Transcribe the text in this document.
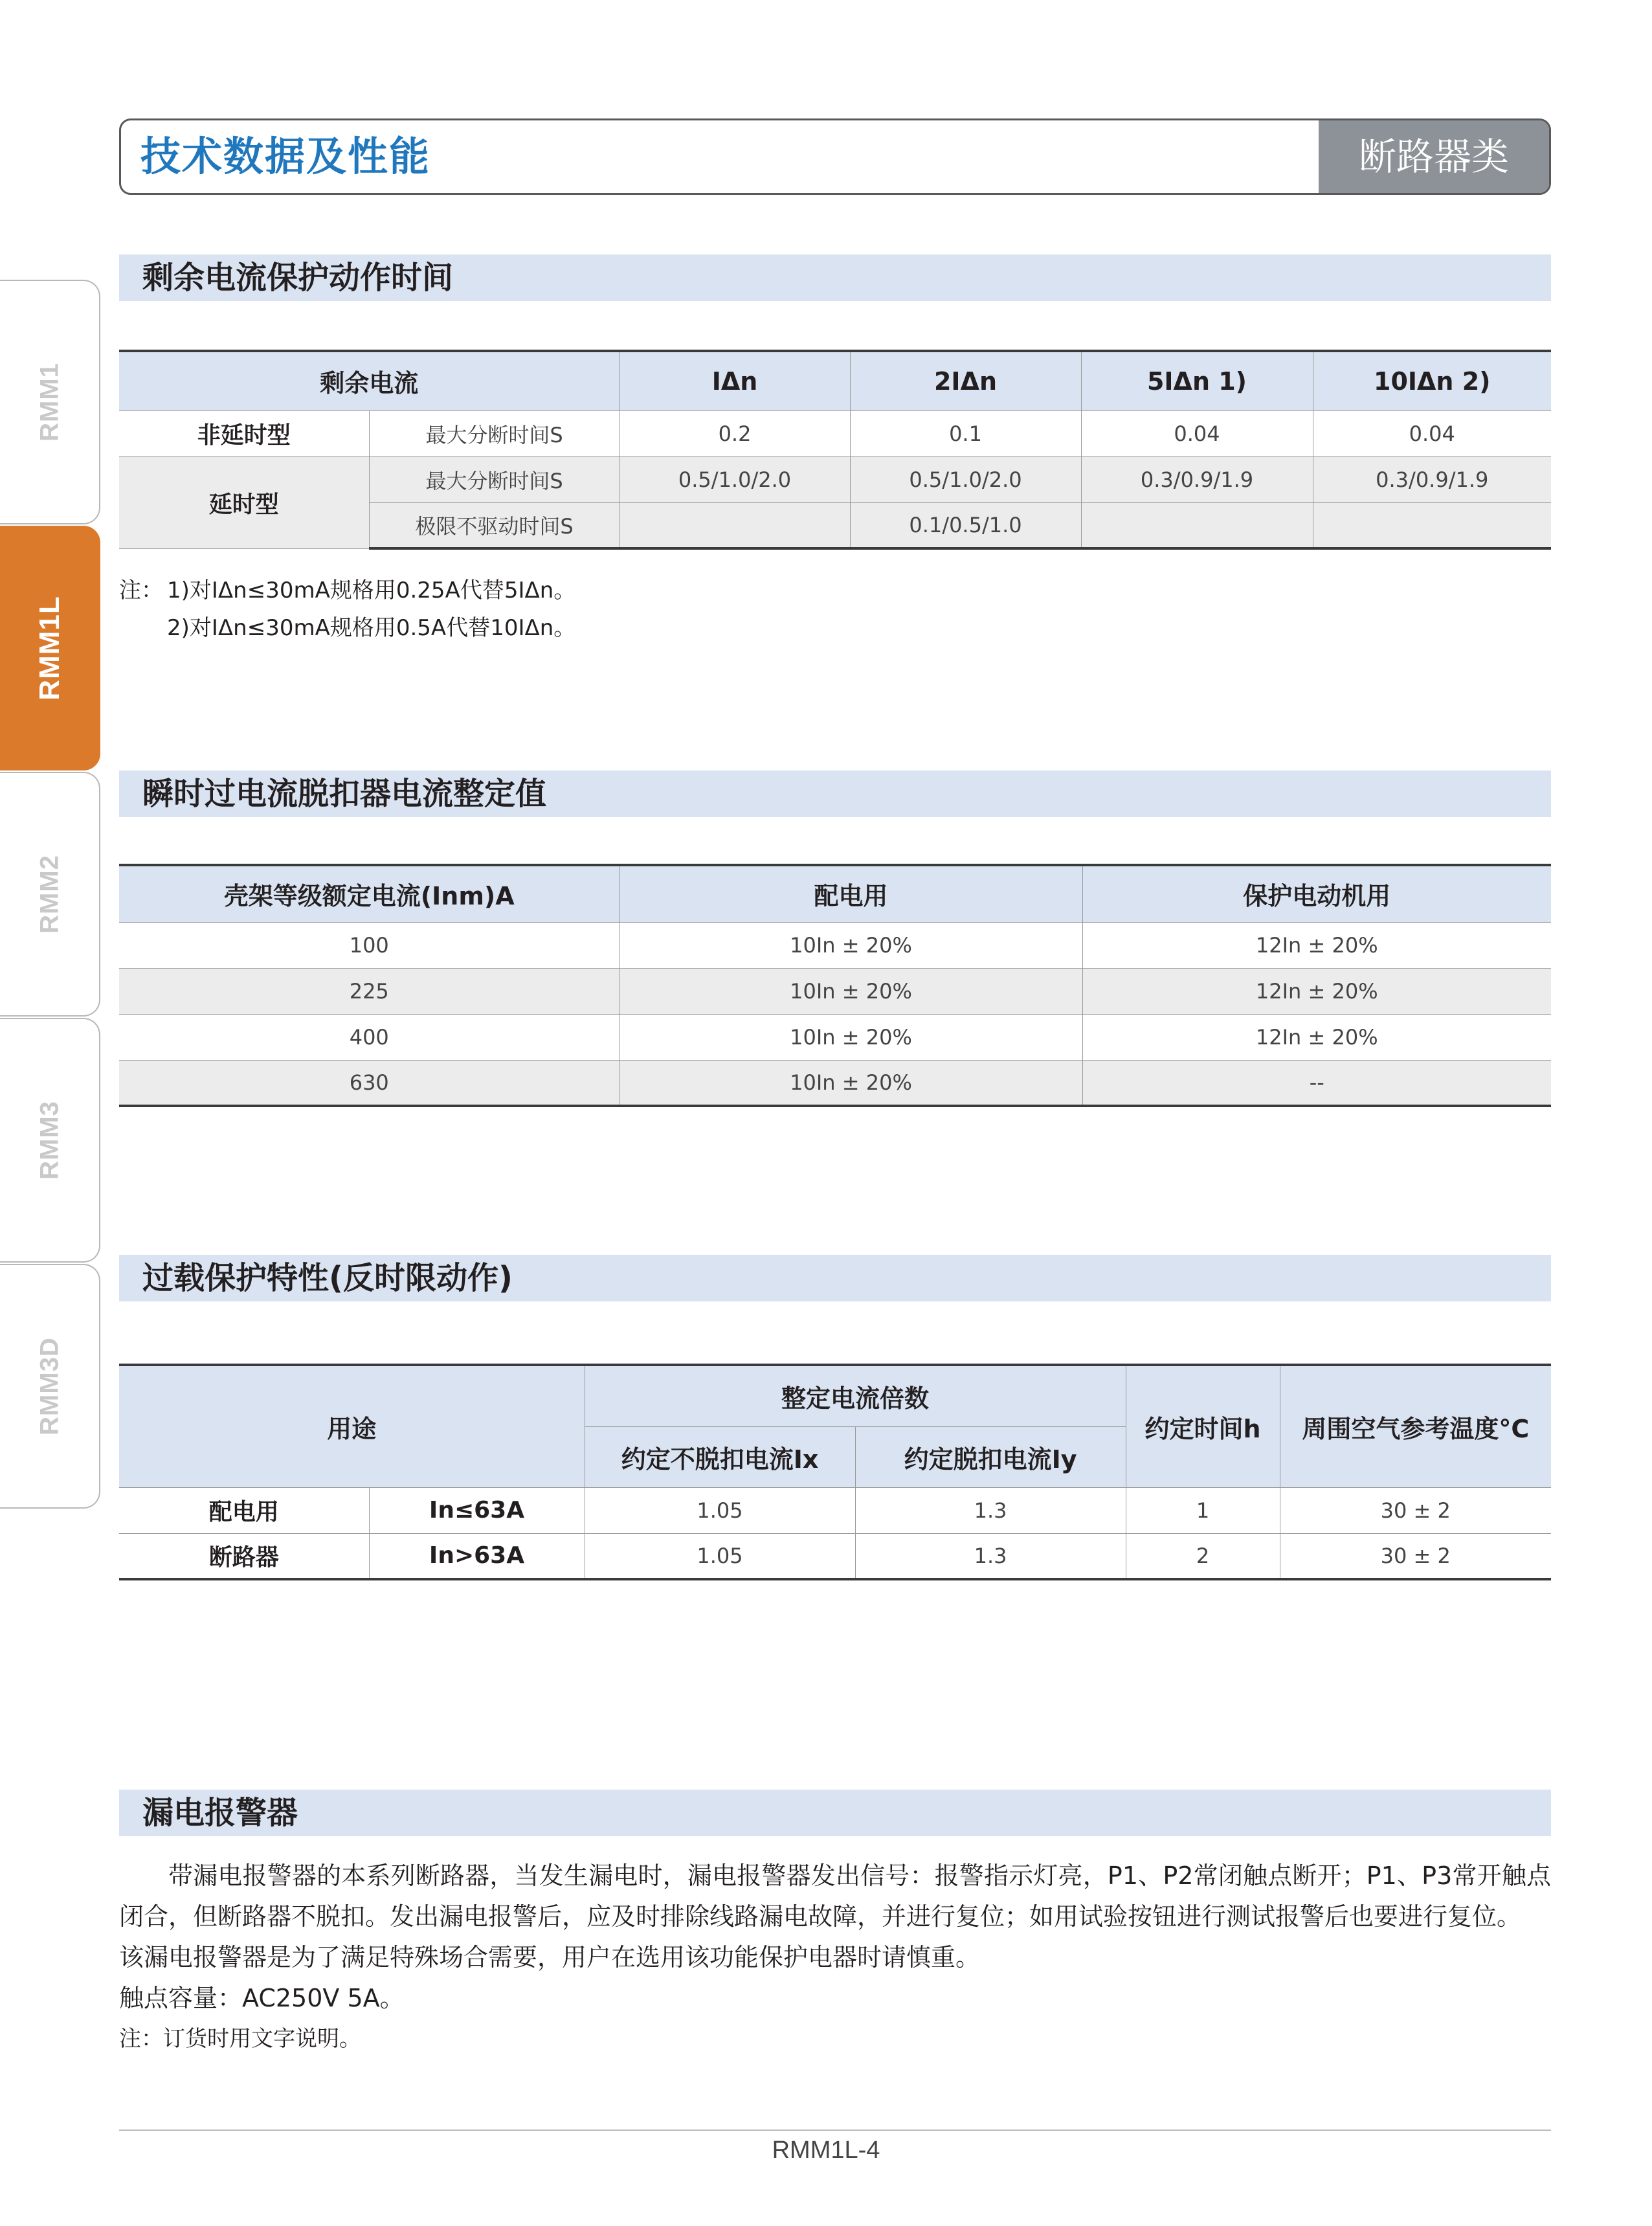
技术数据及性能	断路器类
RMM1
RMM1L
RMM2
RMM3
RMM3D
剩余电流保护动作时间
剩余电流		IΔn	2IΔn	5IΔn 1)	10IΔn 2)
非延时型	最大分断时间S	0.2	0.1	0.04	0.04
延时型	最大分断时间S	0.5/1.0/2.0	0.5/1.0/2.0	0.3/0.9/1.9	0.3/0.9/1.9
	极限不驱动时间S		0.1/0.5/1.0		
注： 1)对IΔn≤30mA规格用0.25A代替5IΔn。
2)对IΔn≤30mA规格用0.5A代替10IΔn。
瞬时过电流脱扣器电流整定值
壳架等级额定电流(Inm)A	配电用	保护电动机用
100	10In ± 20%	12In ± 20%
225	10In ± 20%	12In ± 20%
400	10In ± 20%	12In ± 20%
630	10In ± 20%	--
过载保护特性(反时限动作)
用途		整定电流倍数		约定时间h	周围空气参考温度°C
		约定不脱扣电流Ix	约定脱扣电流Iy		
配电用	In≤63A	1.05	1.3	1	30 ± 2
断路器	In>63A	1.05	1.3	2	30 ± 2
漏电报警器

带漏电报警器的本系列断路器，当发生漏电时，漏电报警器发出信号：报警指示灯亮，P1、P2常闭触点断开；P1、P3常开触点闭合，但断路器不脱扣。发出漏电报警后，应及时排除线路漏电故障，并进行复位；如用试验按钮进行测试报警后也要进行复位。

该漏电报警器是为了满足特殊场合需要，用户在选用该功能保护电器时请慎重。

触点容量：AC250V 5A。

注：订货时用文字说明。

RMM1L-4
